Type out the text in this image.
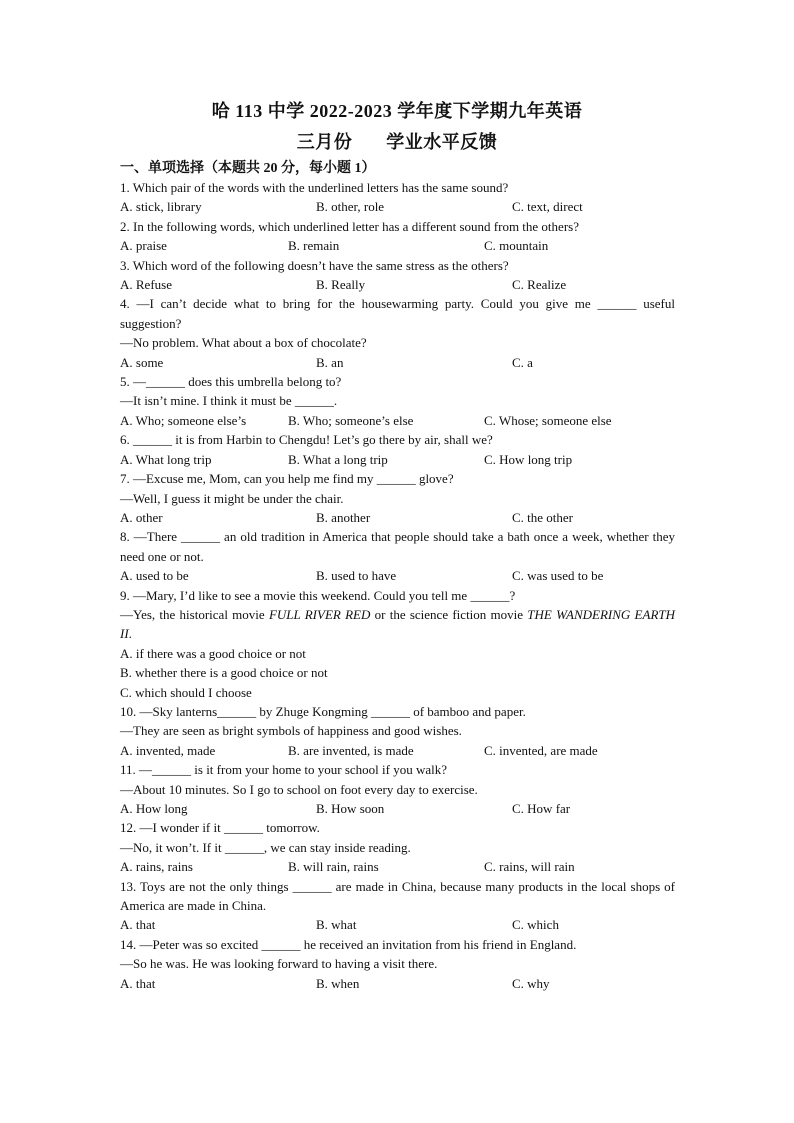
哈 113 中学 2022-2023 学年度下学期九年英语
三月份 学业水平反馈
一、单项选择（本题共 20 分，每小题 1）
1. Which pair of the words with the underlined letters has the same sound?
A. stick, library	B. other, role	C. text, direct
2. In the following words, which underlined letter has a different sound from the others?
A. praise	B. remain	C. mountain
3. Which word of the following doesn’t have the same stress as the others?
A. Refuse	B. Really	C. Realize
4. —I can’t decide what to bring for the housewarming party. Could you give me ______ useful suggestion?
—No problem. What about a box of chocolate?
A. some	B. an	C. a
5. —______ does this umbrella belong to?
—It isn’t mine. I think it must be ______.
A. Who; someone else’s	B. Who; someone’s else	C. Whose; someone else
6. ______ it is from Harbin to Chengdu! Let’s go there by air, shall we?
A. What long trip	B. What a long trip	C. How long trip
7. —Excuse me, Mom, can you help me find my ______ glove?
—Well, I guess it might be under the chair.
A. other	B. another	C. the other
8. —There ______ an old tradition in America that people should take a bath once a week, whether they need one or not.
A. used to be	B. used to have	C. was used to be
9. —Mary, I’d like to see a movie this weekend. Could you tell me ______?
—Yes, the historical movie FULL RIVER RED or the science fiction movie THE WANDERING EARTH II.
A. if there was a good choice or not
B. whether there is a good choice or not
C. which should I choose
10. —Sky lanterns______ by Zhuge Kongming ______ of bamboo and paper.
—They are seen as bright symbols of happiness and good wishes.
A. invented, made	B. are invented, is made	C. invented, are made
11. —______ is it from your home to your school if you walk?
—About 10 minutes. So I go to school on foot every day to exercise.
A. How long	B. How soon	C. How far
12. —I wonder if it ______ tomorrow.
—No, it won’t. If it ______, we can stay inside reading.
A. rains, rains	B. will rain, rains	C. rains, will rain
13. Toys are not the only things ______ are made in China, because many products in the local shops of America are made in China.
A. that	B. what	C. which
14. —Peter was so excited ______ he received an invitation from his friend in England.
—So he was. He was looking forward to having a visit there.
A. that	B. when	C. why
